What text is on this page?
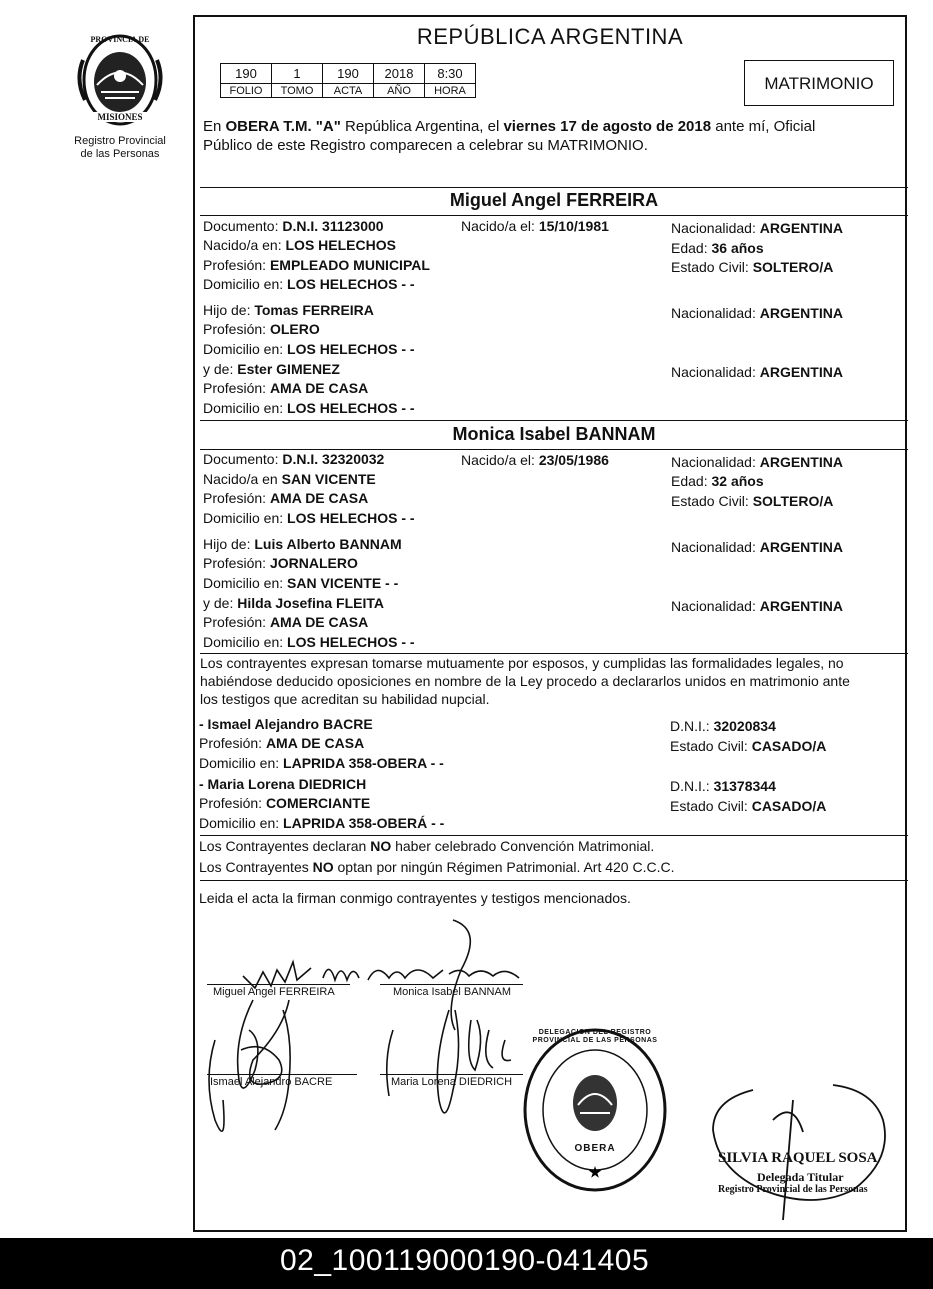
PROVINCIA DE
MISIONES
Registro Provincial
de las Personas
REPÚBLICA ARGENTINA
190	1	190	2018	8:30
FOLIO	TOMO	ACTA	AÑO	HORA	MATRIMONIO
En OBERA T.M. "A" República Argentina, el viernes 17 de agosto de 2018 ante mí, Oficial
Público de este Registro comparecen a celebrar su MATRIMONIO.
Miguel Angel FERREIRA
Documento: D.N.I. 31123000	Nacido/a el: 15/10/1981	Nacionalidad: ARGENTINA
Nacido/a en: LOS HELECHOS	Edad: 36 años
Profesión: EMPLEADO MUNICIPAL	Estado Civil: SOLTERO/A
Domicilio en: LOS HELECHOS - -
Hijo de: Tomas FERREIRA	Nacionalidad: ARGENTINA
Profesión: OLERO
Domicilio en: LOS HELECHOS - -
y de: Ester GIMENEZ	Nacionalidad: ARGENTINA
Profesión: AMA DE CASA
Domicilio en: LOS HELECHOS - -
Monica Isabel BANNAM
Documento: D.N.I. 32320032	Nacido/a el: 23/05/1986	Nacionalidad: ARGENTINA
Nacido/a en SAN VICENTE	Edad: 32 años
Profesión: AMA DE CASA	Estado Civil: SOLTERO/A
Domicilio en: LOS HELECHOS - -
Hijo de: Luis Alberto BANNAM	Nacionalidad: ARGENTINA
Profesión: JORNALERO
Domicilio en: SAN VICENTE - -
y de: Hilda Josefina FLEITA	Nacionalidad: ARGENTINA
Profesión: AMA DE CASA
Domicilio en: LOS HELECHOS - -
Los contrayentes expresan tomarse mutuamente por esposos, y cumplidas las formalidades legales, no
habiéndose deducido oposiciones en nombre de la Ley procedo a declararlos unidos en matrimonio ante
los testigos que acreditan su habilidad nupcial.
- Ismael Alejandro BACRE	D.N.I.: 32020834
Profesión: AMA DE CASA	Estado Civil: CASADO/A
Domicilio en: LAPRIDA 358-OBERA - -
- Maria Lorena DIEDRICH	D.N.I.: 31378344
Profesión: COMERCIANTE	Estado Civil: CASADO/A
Domicilio en: LAPRIDA 358-OBERÁ - -
Los Contrayentes declaran NO haber celebrado Convención Matrimonial.
Los Contrayentes NO optan por ningún Régimen Patrimonial. Art 420 C.C.C.
Leida el acta la firman conmigo contrayentes y testigos mencionados.
Miguel Angel FERREIRA	Monica Isabel BANNAM
Ismael Alejandro BACRE	Maria Lorena DIEDRICH
★
DELEGACION DEL REGISTRO PROVINCIAL DE LAS PERSONAS
OBERA
SILVIA RAQUEL SOSA
Delegada Titular
Registro Provincial de las Personas
02_100119000190-041405
